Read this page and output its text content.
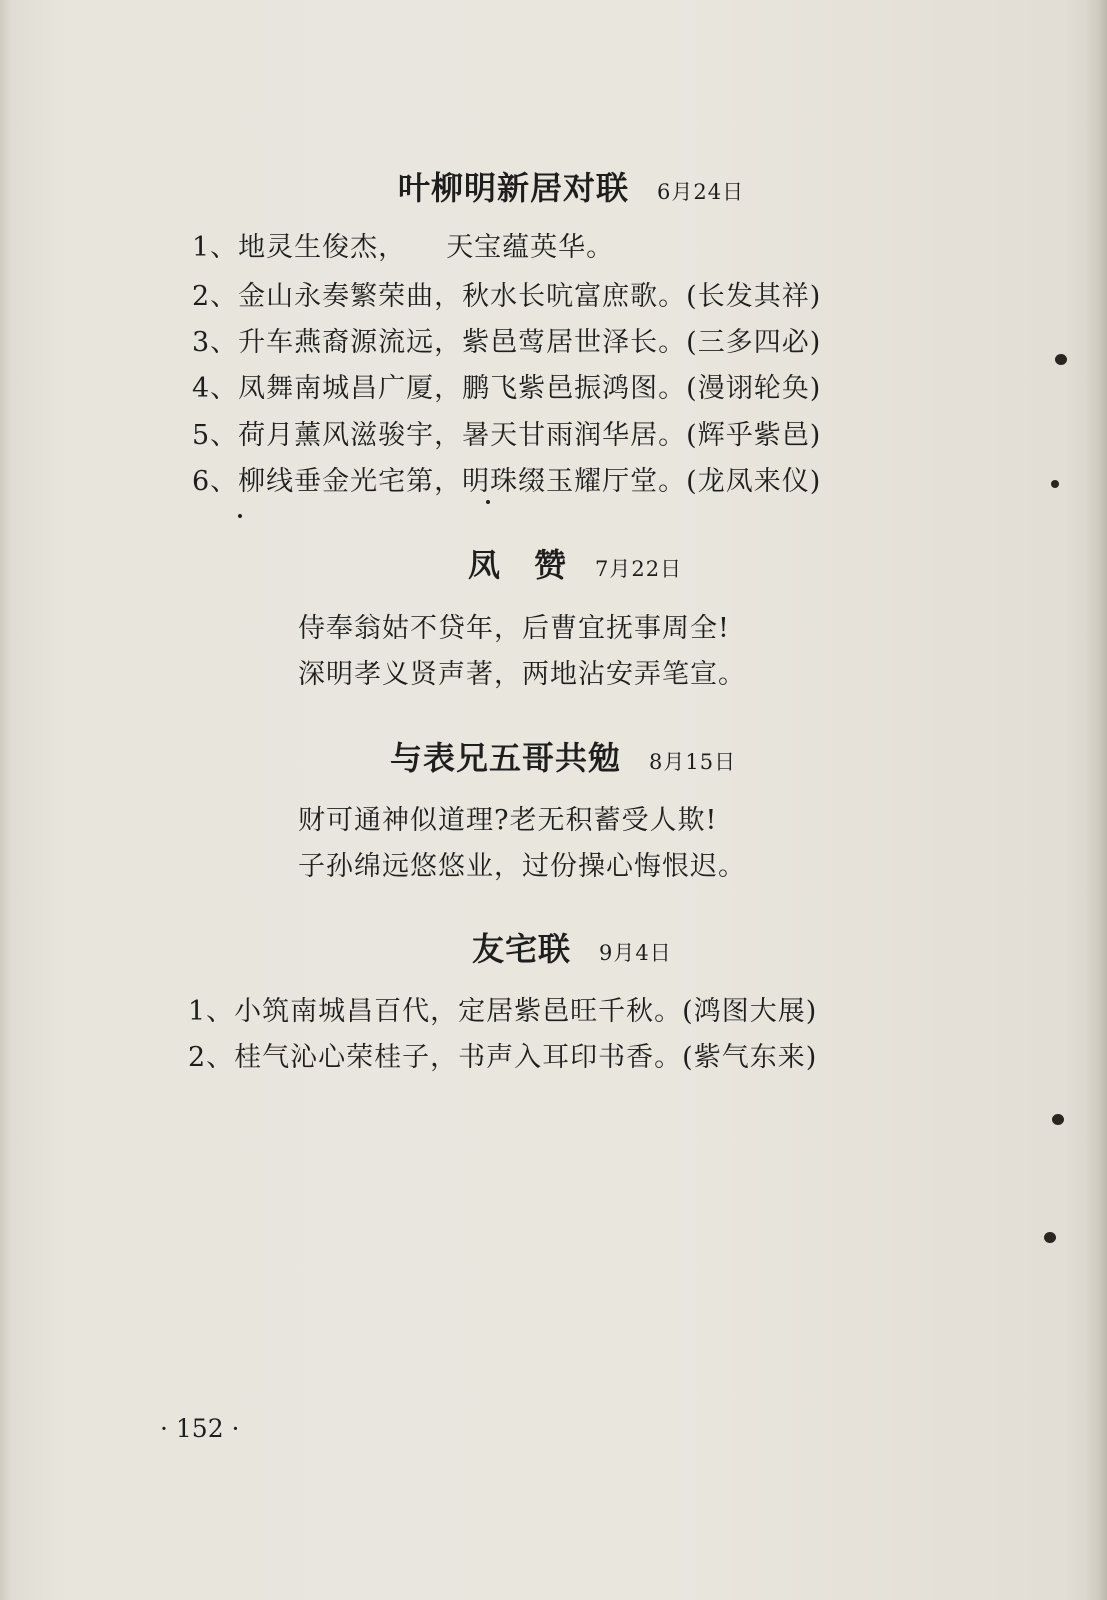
叶柳明新居对联 6月24日
1、地灵生俊杰， 天宝蕴英华。
2、金山永奏繁荣曲，秋水长吭富庶歌。(长发其祥)
3、升车燕裔源流远，紫邑莺居世泽长。(三多四必)
4、凤舞南城昌广厦，鹏飞紫邑振鸿图。(漫诩轮奂)
5、荷月薰风滋骏宇，暑天甘雨润华居。(辉乎紫邑)
6、柳线垂金光宅第，明珠缀玉耀厅堂。(龙凤来仪)
凤　赞 7月22日
侍奉翁姑不贷年，后曹宜抚事周全!
深明孝义贤声著，两地沾安弄笔宣。
与表兄五哥共勉 8月15日
财可通神似道理?老无积蓄受人欺!
子孙绵远悠悠业，过份操心悔恨迟。
友宅联 9月4日
1、小筑南城昌百代，定居紫邑旺千秋。(鸿图大展)
2、桂气沁心荣桂子，书声入耳印书香。(紫气东来)
· 152 ·
